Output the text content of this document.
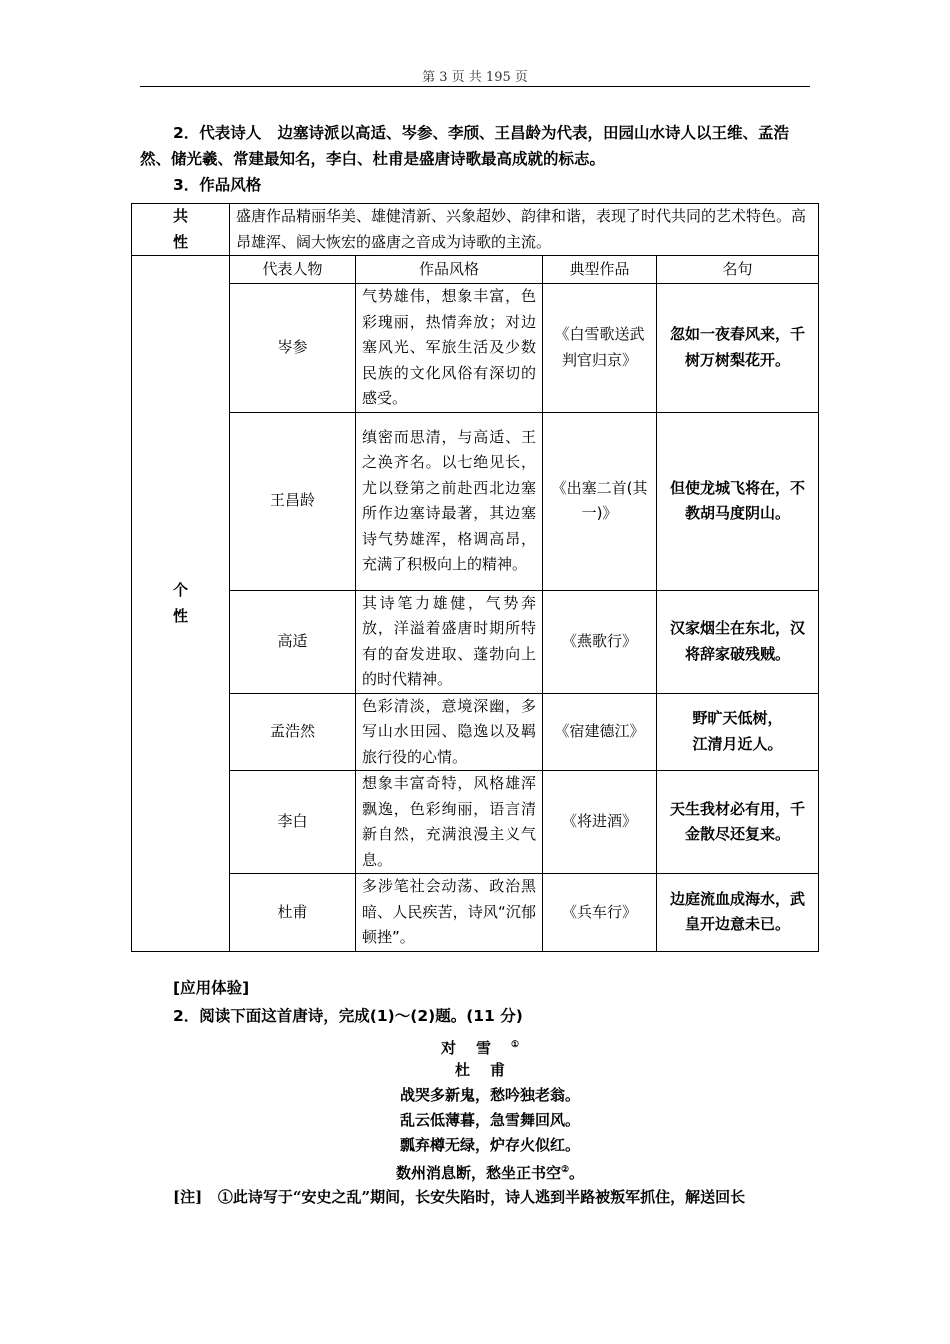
第 3 页 共 195 页
2．代表诗人 边塞诗派以高适、岑参、李颀、王昌龄为代表，田园山水诗人以王维、孟浩然、储光羲、常建最知名，李白、杜甫是盛唐诗歌最高成就的标志。
3．作品风格
共
性	盛唐作品精丽华美、雄健清新、兴象超妙、韵律和谐，表现了时代共同的艺术特色。高昂雄浑、阔大恢宏的盛唐之音成为诗歌的主流。			

个
性	代表人物	作品风格	典型作品	名句
	岑参	气势雄伟，想象丰富，色彩瑰丽，热情奔放；对边塞风光、军旅生活及少数民族的文化风俗有深切的感受。	《白雪歌送武判官归京》	忽如一夜春风来，千树万树梨花开。
	王昌龄	缜密而思清，与高适、王之涣齐名。以七绝见长，尤以登第之前赴西北边塞所作边塞诗最著，其边塞诗气势雄浑，格调高昂，充满了积极向上的精神。	《出塞二首(其一)》	但使龙城飞将在，不教胡马度阴山。
	高适	其诗笔力雄健，气势奔放，洋溢着盛唐时期所特有的奋发进取、蓬勃向上的时代精神。	《燕歌行》	汉家烟尘在东北，汉将辞家破残贼。
	孟浩然	色彩清淡，意境深幽，多写山水田园、隐逸以及羁旅行役的心情。	《宿建德江》	野旷天低树，
江清月近人。

	李白	想象丰富奇特，风格雄浑飘逸，色彩绚丽，语言清新自然，充满浪漫主义气息。	《将进酒》	天生我材必有用，千金散尽还复来。
	杜甫	多涉笔社会动荡、政治黑暗、人民疾苦，诗风“沉郁顿挫”。	《兵车行》	边庭流血成海水，武皇开边意未已。
[应用体验]
2．阅读下面这首唐诗，完成(1)～(2)题。(11 分)
对雪①
杜甫
战哭多新鬼，愁吟独老翁。
乱云低薄暮，急雪舞回风。
瓢弃樽无绿，炉存火似红。
数州消息断，愁坐正书空②。
[注] ①此诗写于“安史之乱”期间，长安失陷时，诗人逃到半路被叛军抓住，解送回长
